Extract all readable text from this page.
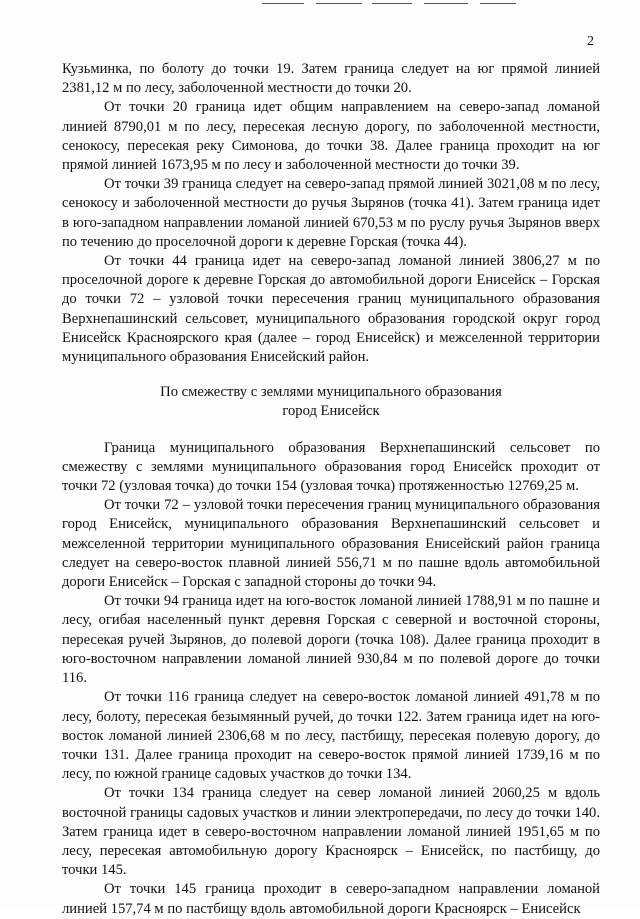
2

Кузьминка, по болоту до точки 19. Затем граница следует на юг прямой линией 2381,12 м по лесу, заболоченной местности до точки 20.

От точки 20 граница идет общим направлением на северо-запад ломаной линией 8790,01 м по лесу, пересекая лесную дорогу, по заболоченной местности, сенокосу, пересекая реку Симонова, до точки 38. Далее граница проходит на юг прямой линией 1673,95 м по лесу и заболоченной местности до точки 39.

От точки 39 граница следует на северо-запад прямой линией 3021,08 м по лесу, сенокосу и заболоченной местности до ручья Зырянов (точка 41). Затем граница идет в юго-западном направлении ломаной линией 670,53 м по руслу ручья Зырянов вверх по течению до проселочной дороги к деревне Горская (точка 44).

От точки 44 граница идет на северо-запад ломаной линией 3806,27 м по проселочной дороге к деревне Горская до автомобильной дороги Енисейск – Горская до точки 72 – узловой точки пересечения границ муниципального образования Верхнепашинский сельсовет, муниципального образования городской округ город Енисейск Красноярского края (далее – город Енисейск) и межселенной территории муниципального образования Енисейский район.

По смежеству с землями муниципального образования
город Енисейск

Граница муниципального образования Верхнепашинский сельсовет по смежеству с землями муниципального образования город Енисейск проходит от точки 72 (узловая точка) до точки 154 (узловая точка) протяженностью 12769,25 м.

От точки 72 – узловой точки пересечения границ муниципального образования город Енисейск, муниципального образования Верхнепашинский сельсовет и межселенной территории муниципального образования Енисейский район граница следует на северо-восток плавной линией 556,71 м по пашне вдоль автомобильной дороги Енисейск – Горская с западной стороны до точки 94.

От точки 94 граница идет на юго-восток ломаной линией 1788,91 м по пашне и лесу, огибая населенный пункт деревня Горская с северной и восточной стороны, пересекая ручей Зырянов, до полевой дороги (точка 108). Далее граница проходит в юго-восточном направлении ломаной линией 930,84 м по полевой дороге до точки 116.

От точки 116 граница следует на северо-восток ломаной линией 491,78 м по лесу, болоту, пересекая безымянный ручей, до точки 122. Затем граница идет на юго-восток ломаной линией 2306,68 м по лесу, пастбищу, пересекая полевую дорогу, до точки 131. Далее граница проходит на северо-восток прямой линией 1739,16 м по лесу, по южной границе садовых участков до точки 134.

От точки 134 граница следует на север ломаной линией 2060,25 м вдоль восточной границы садовых участков и линии электропередачи, по лесу до точки 140. Затем граница идет в северо-восточном направлении ломаной линией 1951,65 м по лесу, пересекая автомобильную дорогу Красноярск – Енисейск, по пастбищу, до точки 145.

От точки 145 граница проходит в северо-западном направлении ломаной линией 157,74 м по пастбищу вдоль автомобильной дороги Красноярск – Енисейск
